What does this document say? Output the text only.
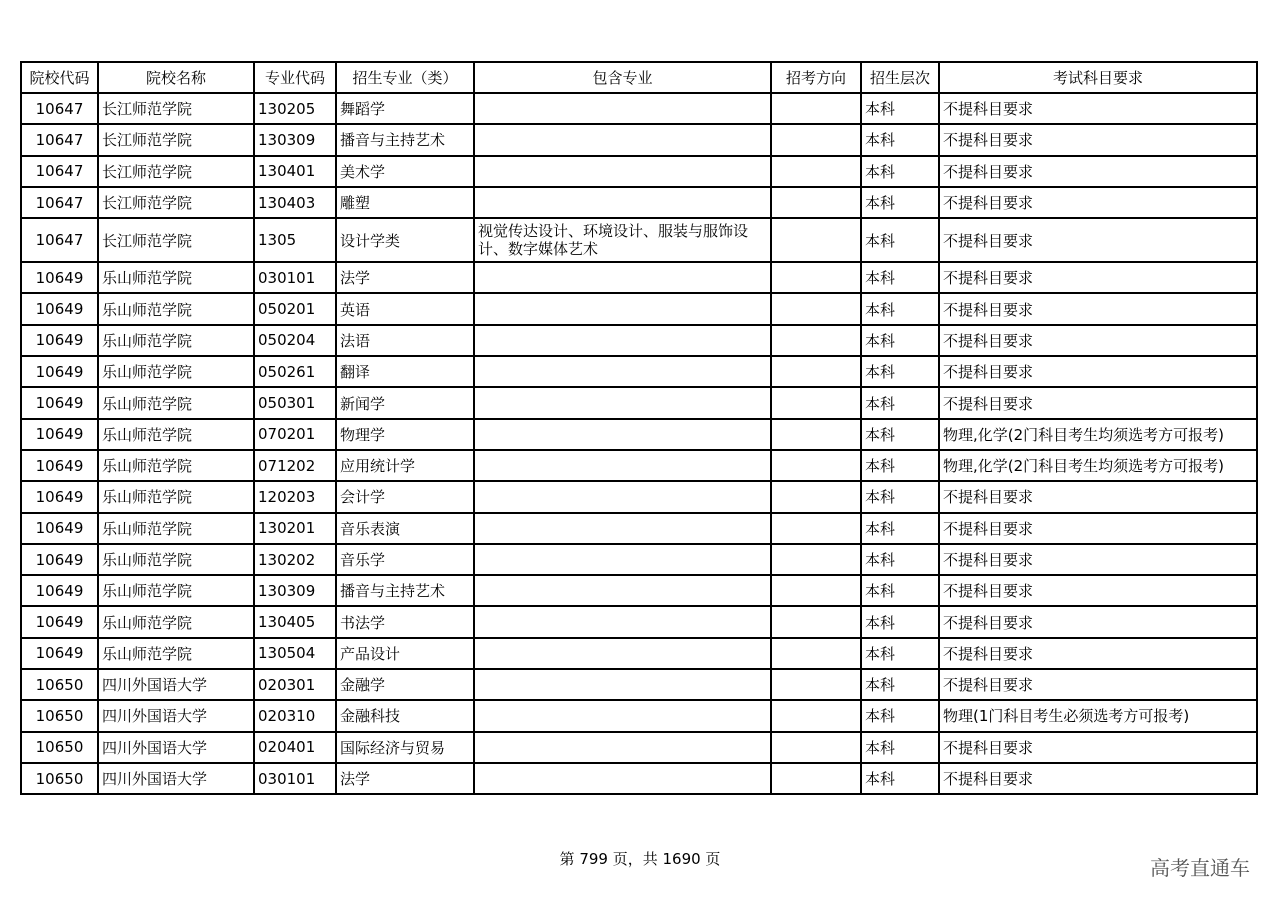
院校代码	院校名称	专业代码	招生专业（类）	包含专业	招考方向	招生层次	考试科目要求
10647	长江师范学院	130205	舞蹈学			本科	不提科目要求
10647	长江师范学院	130309	播音与主持艺术			本科	不提科目要求
10647	长江师范学院	130401	美术学			本科	不提科目要求
10647	长江师范学院	130403	雕塑			本科	不提科目要求
10647	长江师范学院	1305	设计学类	视觉传达设计、环境设计、服装与服饰设计、数字媒体艺术		本科	不提科目要求
10649	乐山师范学院	030101	法学			本科	不提科目要求
10649	乐山师范学院	050201	英语			本科	不提科目要求
10649	乐山师范学院	050204	法语			本科	不提科目要求
10649	乐山师范学院	050261	翻译			本科	不提科目要求
10649	乐山师范学院	050301	新闻学			本科	不提科目要求
10649	乐山师范学院	070201	物理学			本科	物理,化学(2门科目考生均须选考方可报考)
10649	乐山师范学院	071202	应用统计学			本科	物理,化学(2门科目考生均须选考方可报考)
10649	乐山师范学院	120203	会计学			本科	不提科目要求
10649	乐山师范学院	130201	音乐表演			本科	不提科目要求
10649	乐山师范学院	130202	音乐学			本科	不提科目要求
10649	乐山师范学院	130309	播音与主持艺术			本科	不提科目要求
10649	乐山师范学院	130405	书法学			本科	不提科目要求
10649	乐山师范学院	130504	产品设计			本科	不提科目要求
10650	四川外国语大学	020301	金融学			本科	不提科目要求
10650	四川外国语大学	020310	金融科技			本科	物理(1门科目考生必须选考方可报考)
10650	四川外国语大学	020401	国际经济与贸易			本科	不提科目要求
10650	四川外国语大学	030101	法学			本科	不提科目要求
第 799 页，共 1690 页	高考直通车
